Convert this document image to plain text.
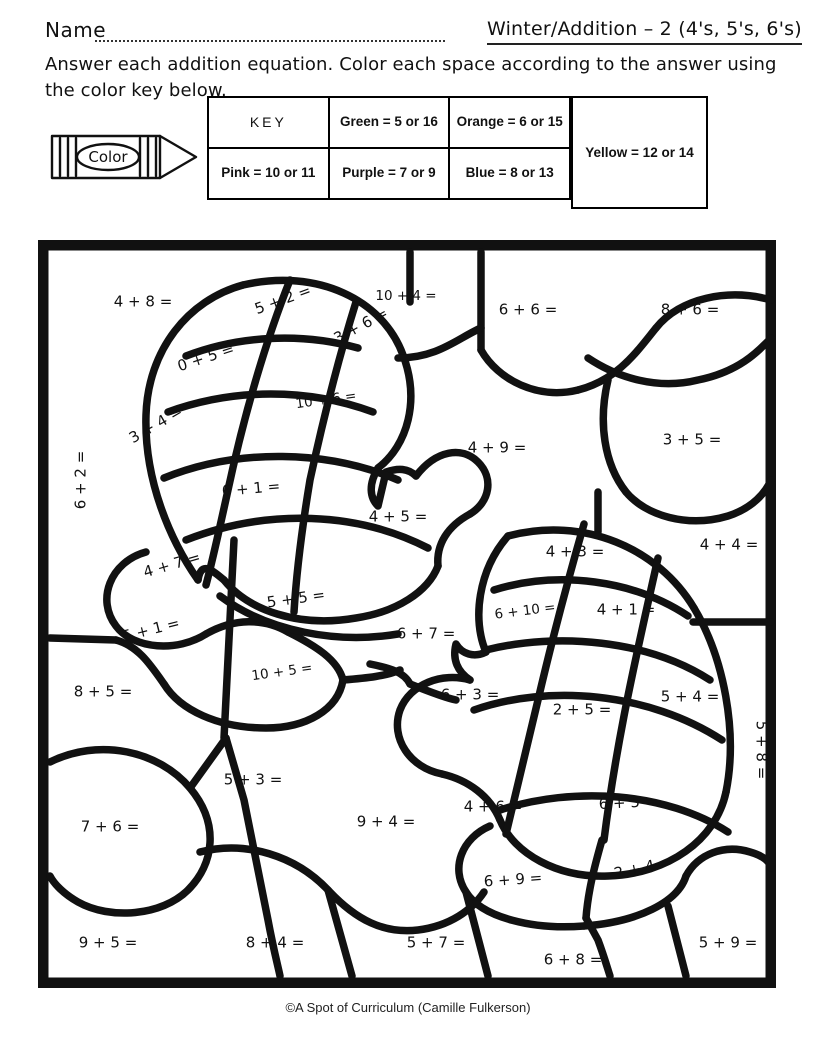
Name	Winter/Addition – 2 (4's, 5's, 6's)
Answer each addition equation. Color each space according to the answer using the color key below.
Color
KEY	Green = 5 or 16	Orange = 6 or 15
Pink = 10 or 11	Purple = 7 or 9	Blue = 8 or 13
Yellow = 12 or 14
4 + 8 =	5 + 2 =
3 + 6 =
10 + 4 =
6 + 6 =	8 + 6 =
0 + 5 =
10 + 6 =
3 + 4 =
6 + 2 =
4 + 9 =	3 + 5 =
6 + 1 =
4 + 5 =
4 + 3 =	4 + 4 =
4 + 7 =
5 + 5 =	6 + 10 =	4 + 1 =
5 + 1 =	6 + 7 =
10 + 5 =
8 + 5 =	6 + 3 =
2 + 5 =
5 + 4 =
5 + 8 =
5 + 3 =
9 + 4 =
4 + 6 =	6 + 5 =
7 + 6 =
6 + 9 =	2 + 4 =
9 + 5 =	8 + 4 =	5 + 7 =
6 + 8 =
5 + 9 =
©A Spot of Curriculum (Camille Fulkerson)
